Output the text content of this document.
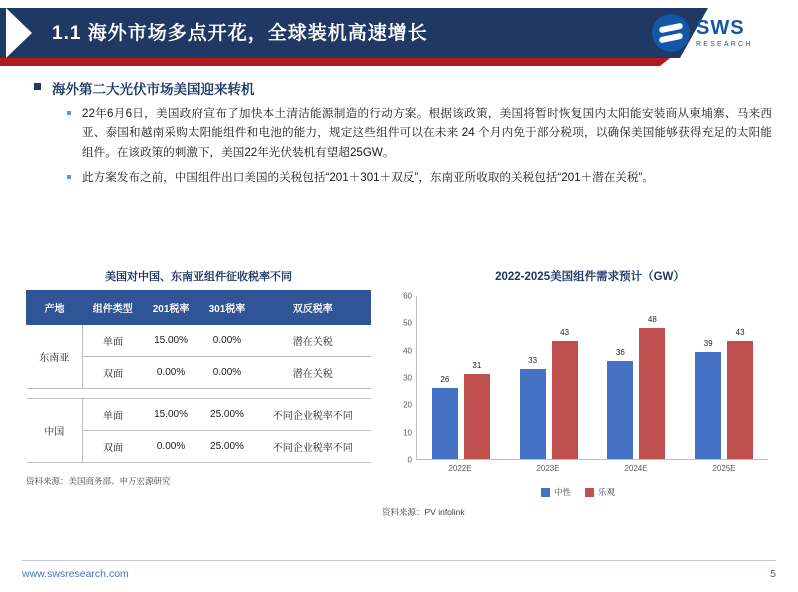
1.1 海外市场多点开花，全球装机高速增长	SWS
RESEARCH
海外第二大光伏市场美国迎来转机
22年6月6日，美国政府宣布了加快本土清洁能源制造的行动方案。根据该政策，美国将暂时恢复国内太阳能安装商从柬埔寨、马来西亚、泰国和越南采购太阳能组件和电池的能力，规定这些组件可以在未来 24 个月内免于部分税项，以确保美国能够获得充足的太阳能组件。在该政策的刺激下，美国22年光伏装机有望超25GW。
此方案发布之前，中国组件出口美国的关税包括“201＋301＋双反”，东南亚所收取的关税包括“201＋潜在关税”。
美国对中国、东南亚组件征收税率不同
产地	组件类型	201税率	301税率	双反税率
东南亚	单面	15.00%	0.00%	潜在关税
	双面	0.00%	0.00%	潜在关税

中国	单面	15.00%	25.00%	不同企业税率不同
	双面	0.00%	25.00%	不同企业税率不同
资料来源：美国商务部、申万宏源研究
2022-2025美国组件需求预计（GW）
0
10
20
30
40
50
60
26
31
33
43
36
48
39
43
2022E	2023E	2024E	2025E
中性	乐观
资料来源：PV infolink
www.swsresearch.com	5
